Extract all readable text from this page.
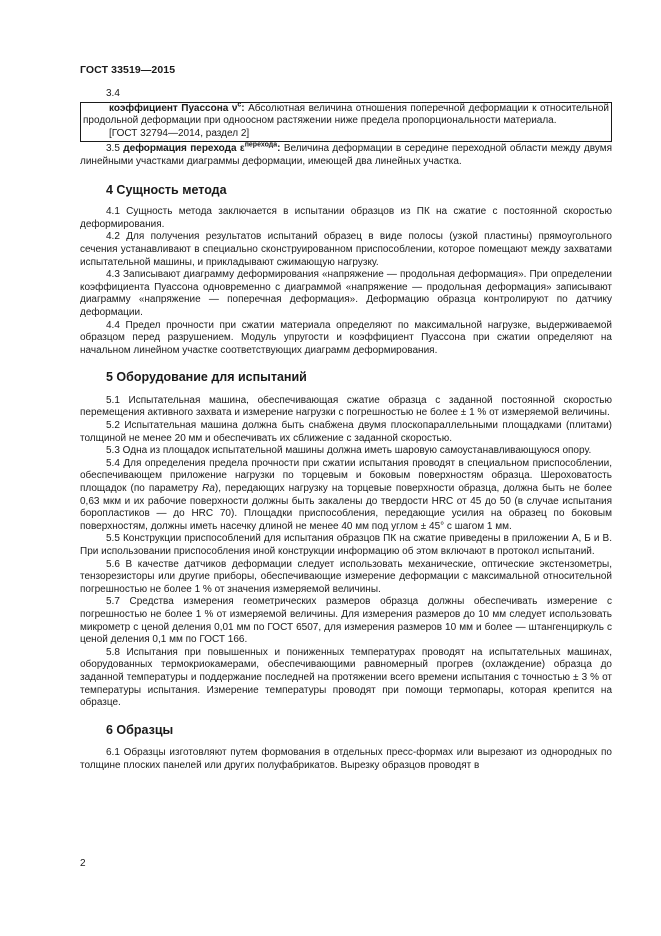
ГОСТ 33519—2015
3.4

коэффициент Пуассона $\nu^c$: Абсолютная величина отношения поперечной деформации к относительной продольной деформации при одноосном растяжении ниже предела пропорциональности материала.

[ГОСТ 32794—2014, раздел 2]

3.5 деформация перехода $\varepsilon^{перехода}$: Величина деформации в середине переходной области между двумя линейными участками диаграммы деформации, имеющей два линейных участка.

4 Сущность метода

4.1 Сущность метода заключается в испытании образцов из ПК на сжатие с постоянной скоростью деформирования.

4.2 Для получения результатов испытаний образец в виде полосы (узкой пластины) прямоугольного сечения устанавливают в специально сконструированном приспособлении, которое помещают между захватами испытательной машины, и прикладывают сжимающую нагрузку.

4.3 Записывают диаграмму деформирования «напряжение — продольная деформация». При определении коэффициента Пуассона одновременно с диаграммой «напряжение — продольная деформация» записывают диаграмму «напряжение — поперечная деформация». Деформацию образца контролируют по датчику деформации.

4.4 Предел прочности при сжатии материала определяют по максимальной нагрузке, выдерживаемой образцом перед разрушением. Модуль упругости и коэффициент Пуассона при сжатии определяют на начальном линейном участке соответствующих диаграмм деформирования.

5 Оборудование для испытаний

5.1 Испытательная машина, обеспечивающая сжатие образца с заданной постоянной скоростью перемещения активного захвата и измерение нагрузки с погрешностью не более ± 1 % от измеряемой величины.

5.2 Испытательная машина должна быть снабжена двумя плоскопараллельными площадками (плитами) толщиной не менее 20 мм и обеспечивать их сближение с заданной скоростью.

5.3 Одна из площадок испытательной машины должна иметь шаровую самоустанавливающуюся опору.

5.4 Для определения предела прочности при сжатии испытания проводят в специальном приспособлении, обеспечивающем приложение нагрузки по торцевым и боковым поверхностям образца. Шероховатость площадок (по параметру Ra), передающих нагрузку на торцевые поверхности образца, должна быть не более 0,63 мкм и их рабочие поверхности должны быть закалены до твердости HRC от 45 до 50 (в случае испытания боропластиков — до HRC 70). Площадки приспособления, передающие усилия на образец по боковым поверхностям, должны иметь насечку длиной не менее 40 мм под углом ± 45° с шагом 1 мм.

5.5 Конструкции приспособлений для испытания образцов ПК на сжатие приведены в приложении А, Б и В. При использовании приспособления иной конструкции информацию об этом включают в протокол испытаний.

5.6 В качестве датчиков деформации следует использовать механические, оптические экстензометры, тензорезисторы или другие приборы, обеспечивающие измерение деформации с максимальной относительной погрешностью не более 1 % от значения измеряемой величины.

5.7 Средства измерения геометрических размеров образца должны обеспечивать измерение с погрешностью не более 1 % от измеряемой величины. Для измерения размеров до 10 мм следует использовать микрометр с ценой деления 0,01 мм по ГОСТ 6507, для измерения размеров 10 мм и более — штангенциркуль с ценой деления 0,1 мм по ГОСТ 166.

5.8 Испытания при повышенных и пониженных температурах проводят на испытательных машинах, оборудованных термокриокамерами, обеспечивающими равномерный прогрев (охлаждение) образца до заданной температуры и поддержание последней на протяжении всего времени испытания с точностью ± 3 % от температуры испытания. Измерение температуры проводят при помощи термопары, которая крепится на образце.

6 Образцы

6.1 Образцы изготовляют путем формования в отдельных пресс-формах или вырезают из однородных по толщине плоских панелей или других полуфабрикатов. Вырезку образцов проводят в

2
